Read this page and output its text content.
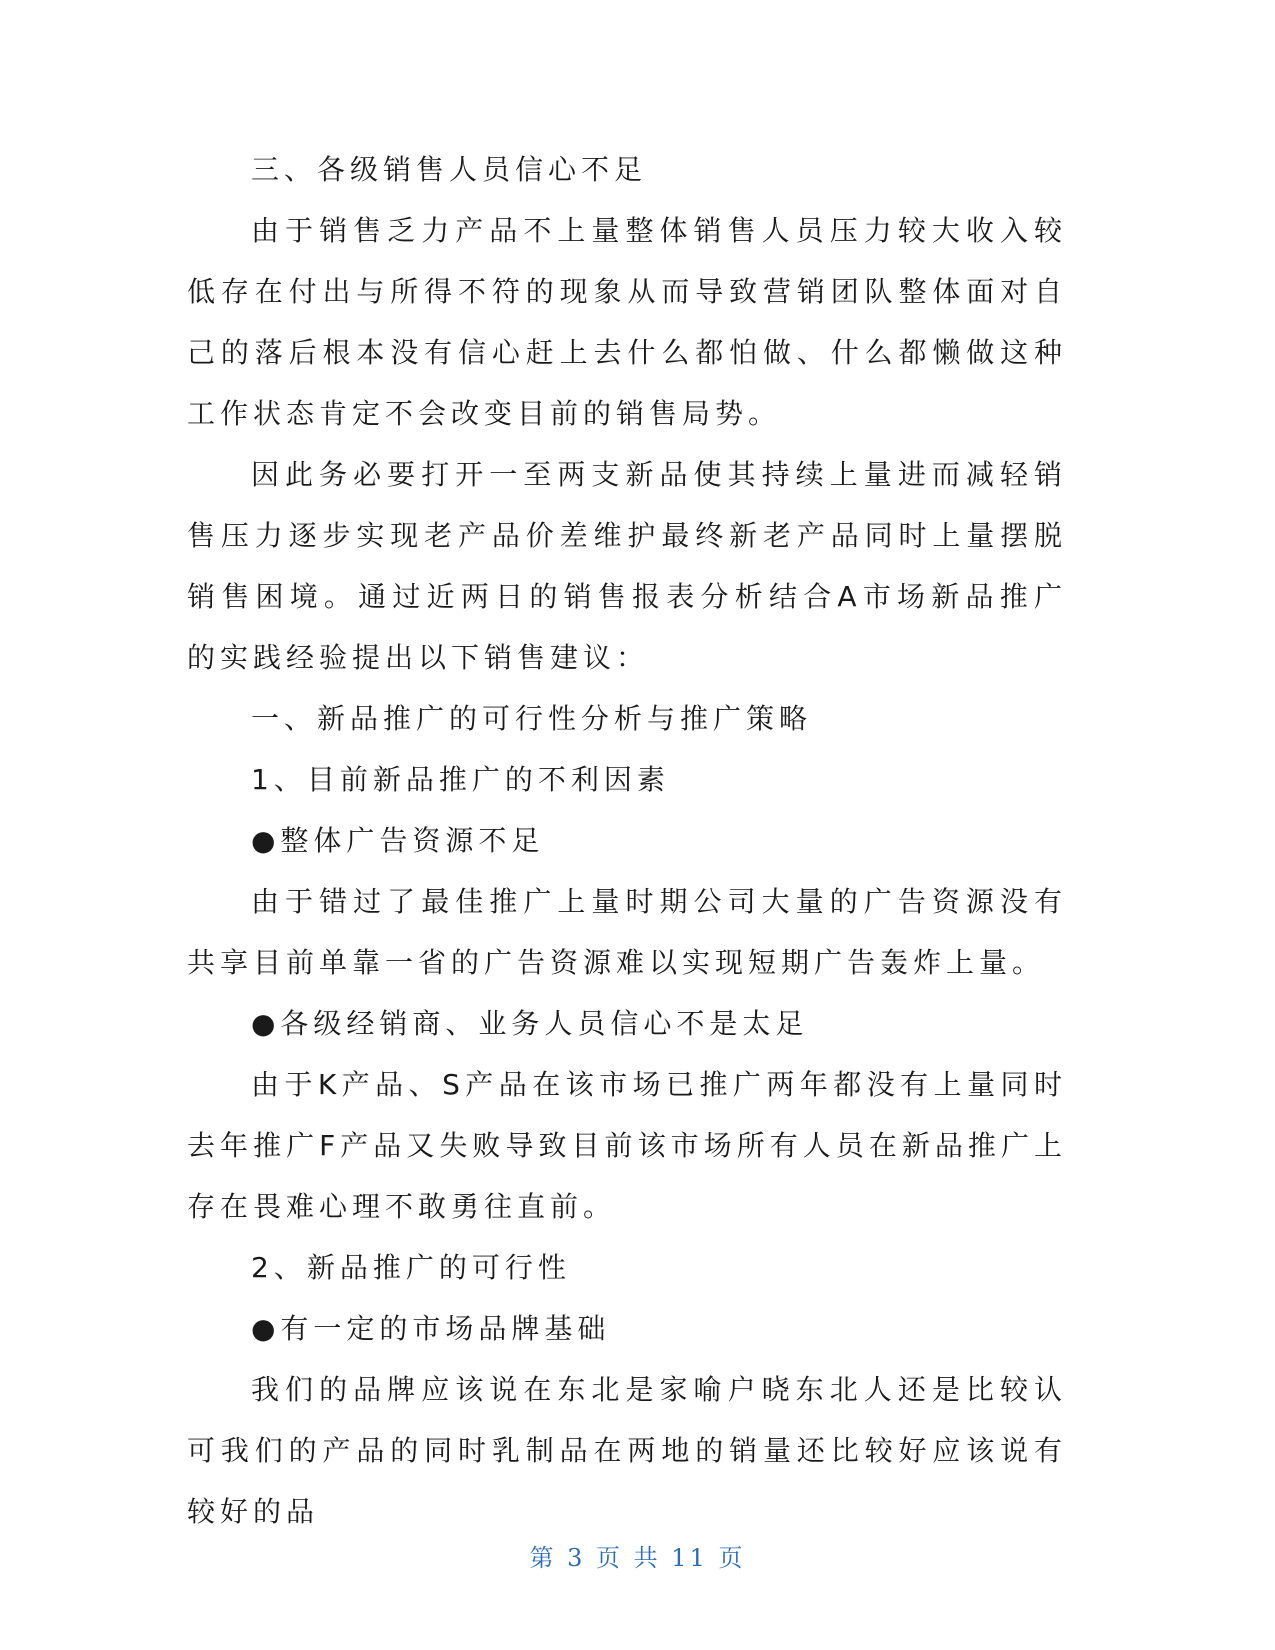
三、各级销售人员信心不足

由于销售乏力产品不上量整体销售人员压力较大收入较低存在付出与所得不符的现象从而导致营销团队整体面对自己的落后根本没有信心赶上去什么都怕做、什么都懒做这种工作状态肯定不会改变目前的销售局势。

因此务必要打开一至两支新品使其持续上量进而减轻销售压力逐步实现老产品价差维护最终新老产品同时上量摆脱销售困境。通过近两日的销售报表分析结合A市场新品推广的实践经验提出以下销售建议：

一、新品推广的可行性分析与推广策略

1、目前新品推广的不利因素

●整体广告资源不足

由于错过了最佳推广上量时期公司大量的广告资源没有共享目前单靠一省的广告资源难以实现短期广告轰炸上量。

●各级经销商、业务人员信心不是太足

由于K产品、S产品在该市场已推广两年都没有上量同时去年推广F产品又失败导致目前该市场所有人员在新品推广上存在畏难心理不敢勇往直前。

2、新品推广的可行性

●有一定的市场品牌基础

我们的品牌应该说在东北是家喻户晓东北人还是比较认可我们的产品的同时乳制品在两地的销量还比较好应该说有较好的品

第 3 页 共 11 页
